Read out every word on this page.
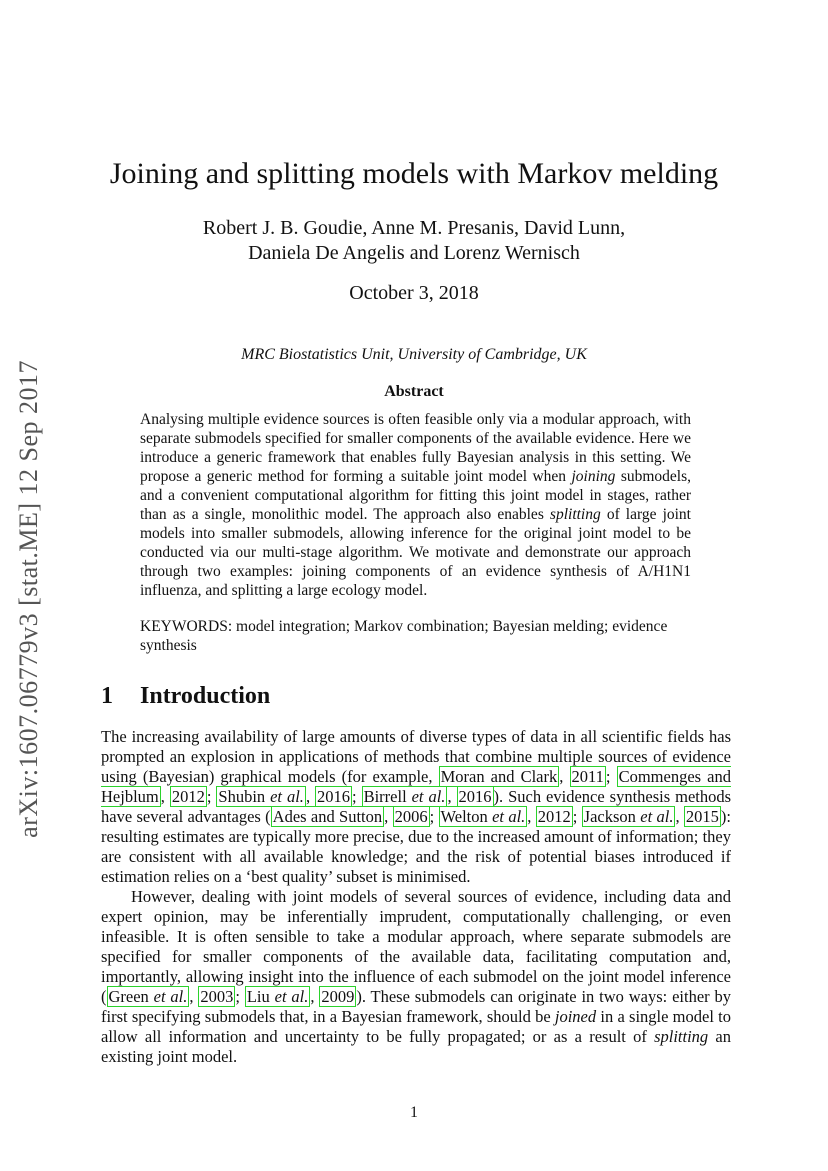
arXiv:1607.06779v3 [stat.ME] 12 Sep 2017
Joining and splitting models with Markov melding
Robert J. B. Goudie, Anne M. Presanis, David Lunn,
Daniela De Angelis and Lorenz Wernisch
October 3, 2018
MRC Biostatistics Unit, University of Cambridge, UK
Abstract

Analysing multiple evidence sources is often feasible only via a modular approach, with separate submodels specified for smaller components of the available evidence. Here we introduce a generic framework that enables fully Bayesian analysis in this setting. We propose a generic method for forming a suitable joint model when joining submodels, and a convenient computational algorithm for fitting this joint model in stages, rather than as a single, monolithic model. The approach also enables splitting of large joint models into smaller submodels, allowing inference for the original joint model to be conducted via our multi-stage algorithm. We motivate and demonstrate our approach through two examples: joining components of an evidence synthesis of A/H1N1 influenza, and splitting a large ecology model.

KEYWORDS: model integration; Markov combination; Bayesian melding; evidence synthesis

1 Introduction

The increasing availability of large amounts of diverse types of data in all scientific fields has prompted an explosion in applications of methods that combine multiple sources of evidence using (Bayesian) graphical models (for example, Moran and Clark , 2011 ; Commenges and Hejblum , 2012 ; Shubin et al. , 2016 ; Birrell et al. , 2016 ). Such evidence synthesis methods have several advantages ( Ades and Sutton , 2006 ; Welton et al. , 2012 ; Jackson et al. , 2015 ): resulting estimates are typically more precise, due to the increased amount of information; they are consistent with all available knowledge; and the risk of potential biases introduced if estimation relies on a ‘best quality’ subset is minimised.

However, dealing with joint models of several sources of evidence, including data and expert opinion, may be inferentially imprudent, computationally challenging, or even infeasible. It is often sensible to take a modular approach, where separate submodels are specified for smaller components of the available data, facilitating computation and, importantly, allowing insight into the influence of each submodel on the joint model inference ( Green et al. , 2003 ; Liu et al. , 2009 ). These submodels can originate in two ways: either by first specifying submodels that, in a Bayesian framework, should be joined in a single model to allow all information and uncertainty to be fully propagated; or as a result of splitting an existing joint model.

1
